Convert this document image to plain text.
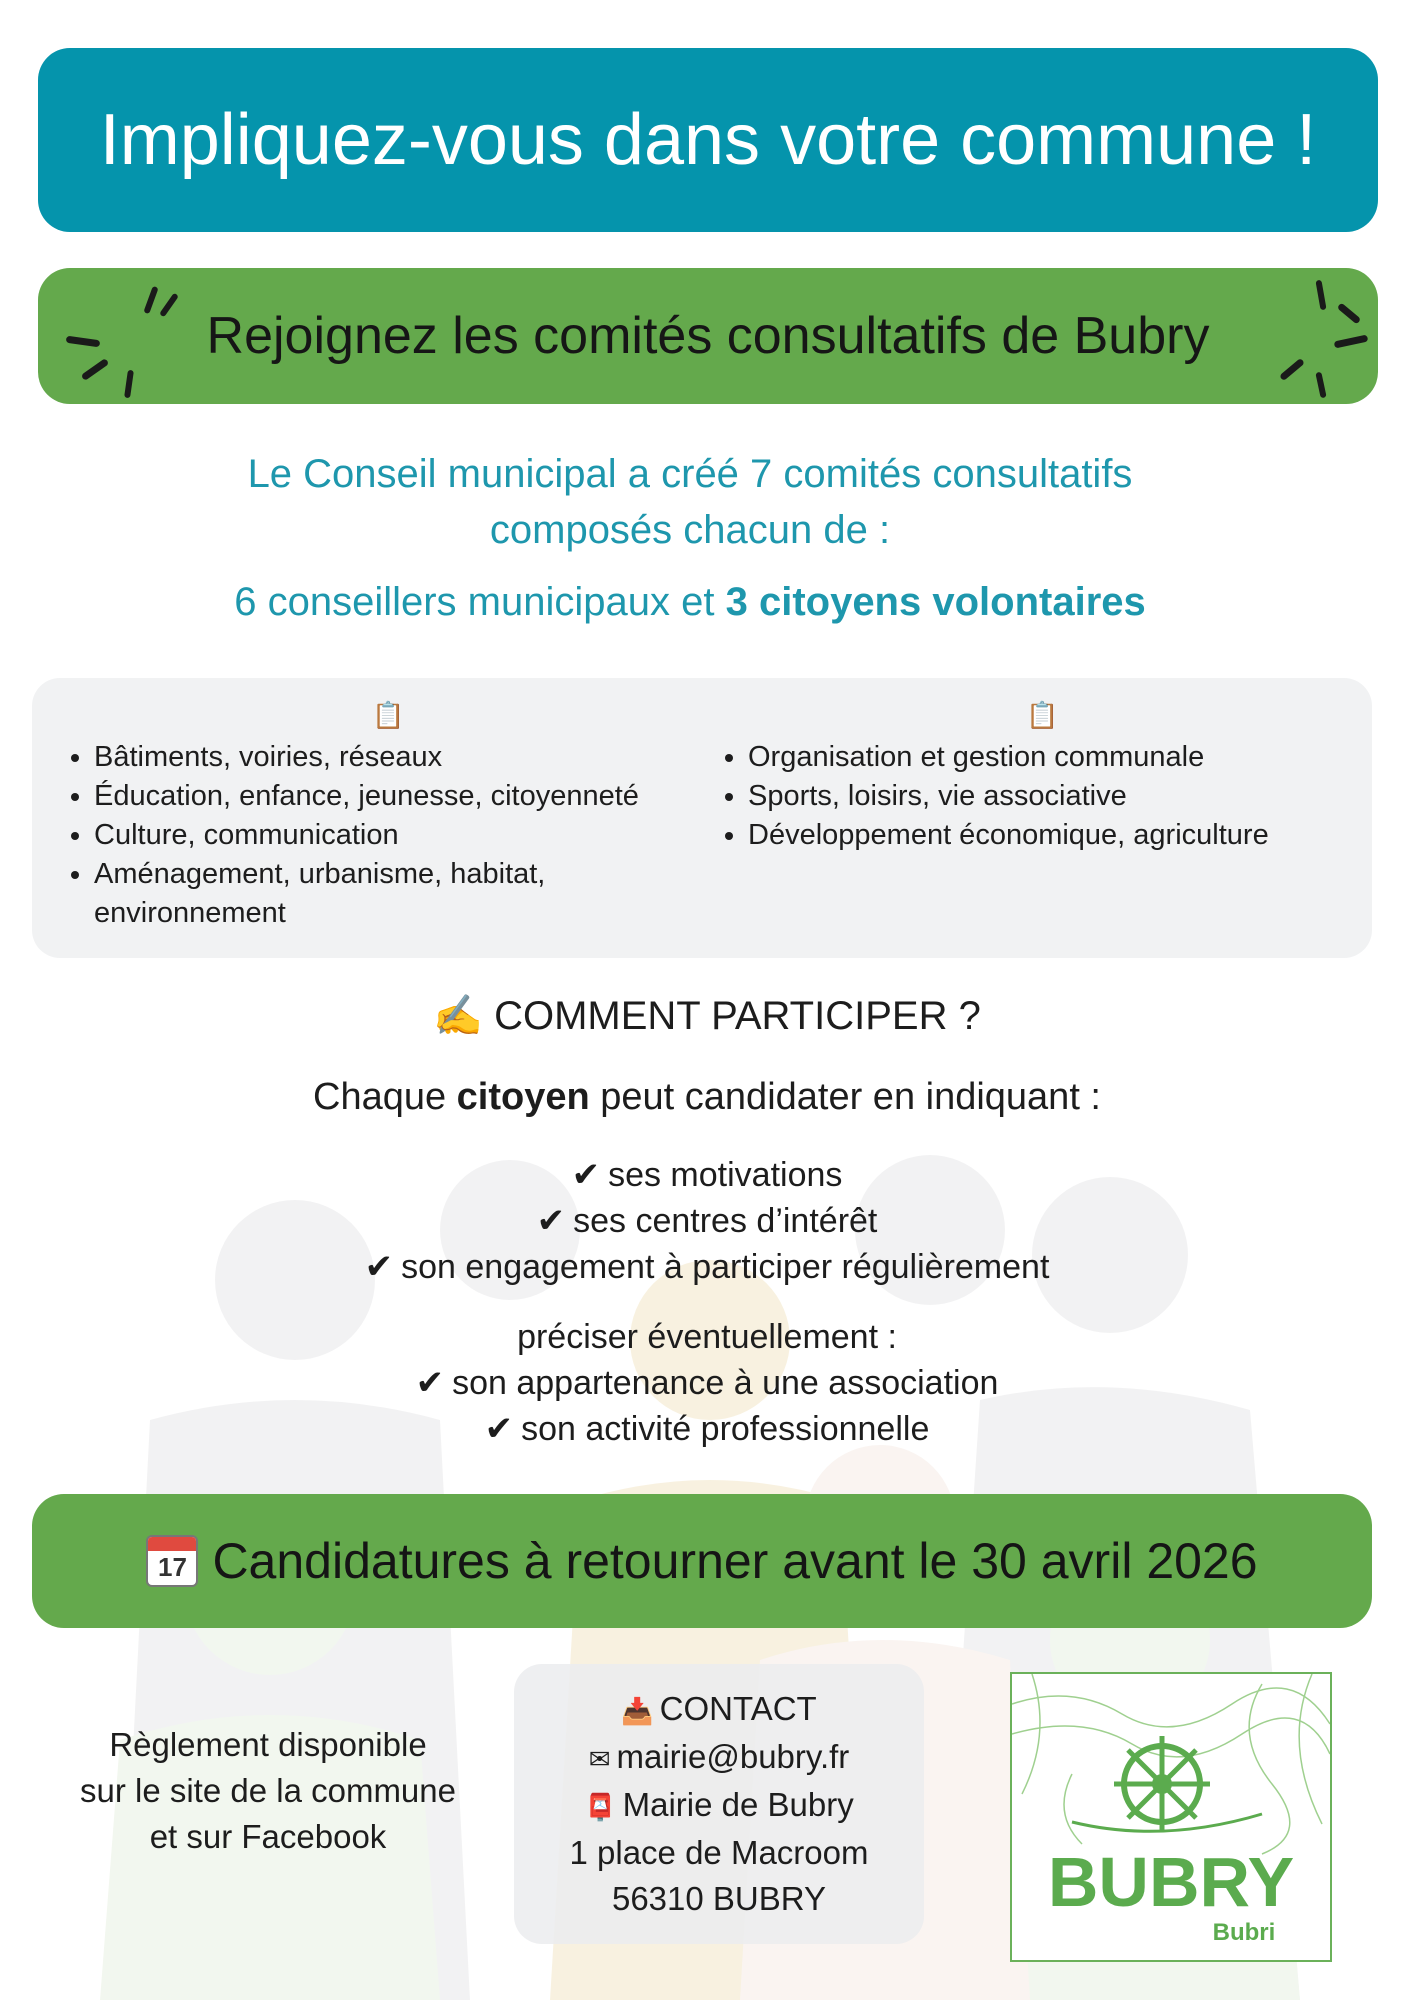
Impliquez-vous dans votre commune !
Rejoignez les comités consultatifs de Bubry
Le Conseil municipal a créé 7 comités consultatifs
composés chacun de :
6 conseillers municipaux et 3 citoyens volontaires
📋
• Bâtiments, voiries, réseaux
• Éducation, enfance, jeunesse, citoyenneté
• Culture, communication
• Aménagement, urbanisme, habitat, environnement
📋
• Organisation et gestion communale
• Sports, loisirs, vie associative
• Développement économique, agriculture
✍ COMMENT PARTICIPER ?
Chaque citoyen peut candidater en indiquant :
✔ ses motivations
✔ ses centres d’intérêt
✔ son engagement à participer régulièrement
préciser éventuellement :
✔ son appartenance à une association
✔ son activité professionnelle
17 Candidatures à retourner avant le 30 avril 2026
Règlement disponible
sur le site de la commune
et sur Facebook
📥 CONTACT
✉ mairie@bubry.fr
📮 Mairie de Bubry
1 place de Macroom
56310 BUBRY	BUBRY
Bubri
